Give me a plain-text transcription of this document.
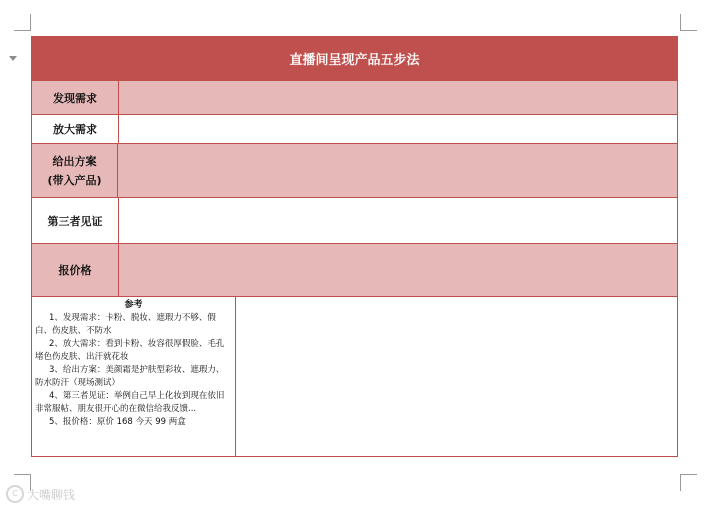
直播间呈现产品五步法
发现需求
放大需求
给出方案
(带入产品)
第三者见证
报价格
参考
1、发现需求：卡粉、脱妆、遮瑕力不够、假白、伤皮肤、不防水
2、放大需求：看到卡粉、妆容很厚假脸、毛孔堵色伤皮肤、出汗就花妆
3、给出方案：美颜霜是护肤型彩妆、遮瑕力、防水防汗（现场测试）
4、第三者见证：举例自己早上化妆到现在依旧非常服帖、朋友很开心的在微信给我反馈...
5、报价格：原价 168 今天 99 两盒
C 大嘴聊钱
